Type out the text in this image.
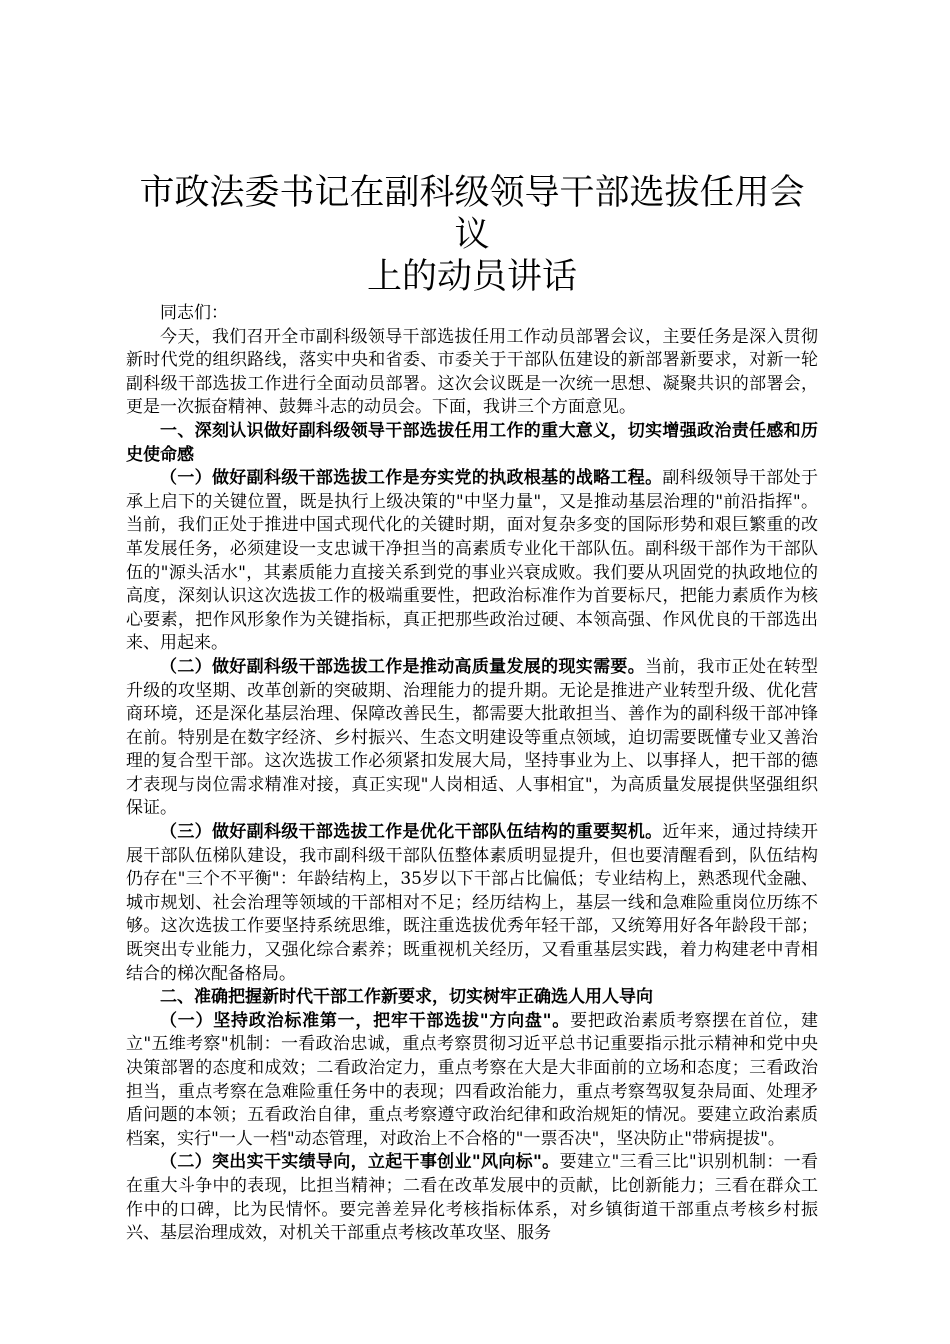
市政法委书记在副科级领导干部选拔任用会议
上的动员讲话

同志们：

今天，我们召开全市副科级领导干部选拔任用工作动员部署会议，主要任务是深入贯彻新时代党的组织路线，落实中央和省委、市委关于干部队伍建设的新部署新要求，对新一轮副科级干部选拔工作进行全面动员部署。这次会议既是一次统一思想、凝聚共识的部署会，更是一次振奋精神、鼓舞斗志的动员会。下面，我讲三个方面意见。

一、深刻认识做好副科级领导干部选拔任用工作的重大意义，切实增强政治责任感和历史使命感

（一）做好副科级干部选拔工作是夯实党的执政根基的战略工程。副科级领导干部处于承上启下的关键位置，既是执行上级决策的"中坚力量"，又是推动基层治理的"前沿指挥"。当前，我们正处于推进中国式现代化的关键时期，面对复杂多变的国际形势和艰巨繁重的改革发展任务，必须建设一支忠诚干净担当的高素质专业化干部队伍。副科级干部作为干部队伍的"源头活水"，其素质能力直接关系到党的事业兴衰成败。我们要从巩固党的执政地位的高度，深刻认识这次选拔工作的极端重要性，把政治标准作为首要标尺，把能力素质作为核心要素，把作风形象作为关键指标，真正把那些政治过硬、本领高强、作风优良的干部选出来、用起来。

（二）做好副科级干部选拔工作是推动高质量发展的现实需要。当前，我市正处在转型升级的攻坚期、改革创新的突破期、治理能力的提升期。无论是推进产业转型升级、优化营商环境，还是深化基层治理、保障改善民生，都需要大批敢担当、善作为的副科级干部冲锋在前。特别是在数字经济、乡村振兴、生态文明建设等重点领域，迫切需要既懂专业又善治理的复合型干部。这次选拔工作必须紧扣发展大局，坚持事业为上、以事择人，把干部的德才表现与岗位需求精准对接，真正实现"人岗相适、人事相宜"，为高质量发展提供坚强组织保证。

（三）做好副科级干部选拔工作是优化干部队伍结构的重要契机。近年来，通过持续开展干部队伍梯队建设，我市副科级干部队伍整体素质明显提升，但也要清醒看到，队伍结构仍存在"三个不平衡"：年龄结构上，35岁以下干部占比偏低；专业结构上，熟悉现代金融、城市规划、社会治理等领域的干部相对不足；经历结构上，基层一线和急难险重岗位历练不够。这次选拔工作要坚持系统思维，既注重选拔优秀年轻干部，又统筹用好各年龄段干部；既突出专业能力，又强化综合素养；既重视机关经历，又看重基层实践，着力构建老中青相结合的梯次配备格局。

二、准确把握新时代干部工作新要求，切实树牢正确选人用人导向

（一）坚持政治标准第一，把牢干部选拔"方向盘"。要把政治素质考察摆在首位，建立"五维考察"机制：一看政治忠诚，重点考察贯彻习近平总书记重要指示批示精神和党中央决策部署的态度和成效；二看政治定力，重点考察在大是大非面前的立场和态度；三看政治担当，重点考察在急难险重任务中的表现；四看政治能力，重点考察驾驭复杂局面、处理矛盾问题的本领；五看政治自律，重点考察遵守政治纪律和政治规矩的情况。要建立政治素质档案，实行"一人一档"动态管理，对政治上不合格的"一票否决"，坚决防止"带病提拔"。

（二）突出实干实绩导向，立起干事创业"风向标"。要建立"三看三比"识别机制：一看在重大斗争中的表现，比担当精神；二看在改革发展中的贡献，比创新能力；三看在群众工作中的口碑，比为民情怀。要完善差异化考核指标体系，对乡镇街道干部重点考核乡村振兴、基层治理成效，对机关干部重点考核改革攻坚、服务
